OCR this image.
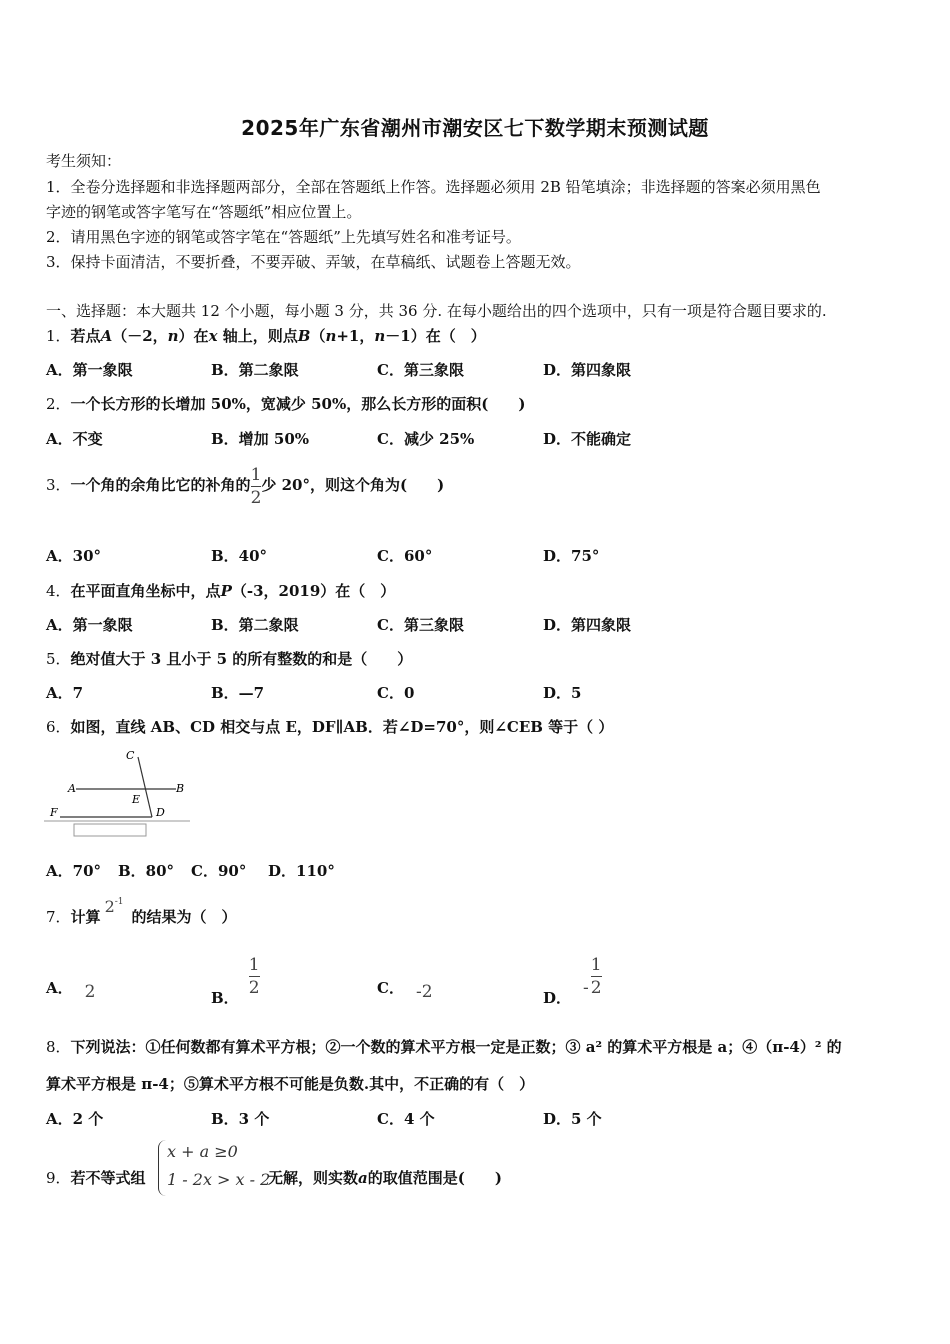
2025年广东省潮州市潮安区七下数学期末预测试题
考生须知：
1．全卷分选择题和非选择题两部分，全部在答题纸上作答。选择题必须用 2B 铅笔填涂；非选择题的答案必须用黑色
字迹的钢笔或答字笔写在“答题纸”相应位置上。
2．请用黑色字迹的钢笔或答字笔在“答题纸”上先填写姓名和准考证号。
3．保持卡面清洁，不要折叠，不要弄破、弄皱，在草稿纸、试题卷上答题无效。
一、选择题：本大题共 12 个小题，每小题 3 分，共 36 分. 在每小题给出的四个选项中，只有一项是符合题目要求的.
1．若点A（－2，n）在x 轴上，则点B（n+1，n－1）在（　）
A．第一象限	B．第二象限	C．第三象限	D．第四象限
2．一个长方形的长增加 50%，宽减少 50%，那么长方形的面积(　　)
A．不变	B．增加 50%	C．减少 25%	D．不能确定
3．一个角的余角比它的补角的 $\frac{1}{2}$ 少 20°，则这个角为(　　)
A．30°	B．40°	C．60°	D．75°
4．在平面直角坐标中，点P（-3，2019）在（　）
A．第一象限	B．第二象限	C．第三象限	D．第四象限
5．绝对值大于 3 且小于 5 的所有整数的和是（　　）
A．7	B．—7	C．0	D．5
6．如图，直线 AB、CD 相交与点 E，DF∥AB．若∠D=70°，则∠CEB 等于（ ）
C
A	B
E
F	D
A．70° B．80° C．90° D．110°
7．计算$2^{-1}$的结果为（　）
A． 2	B． $\frac{1}{2}$	C． -2	D． - $\frac{1}{2}$
8．下列说法：①任何数都有算术平方根；②一个数的算术平方根一定是正数；③ a² 的算术平方根是 a；④（π-4）² 的
算术平方根是 π-4；⑤算术平方根不可能是负数.其中，不正确的有（　）
A．2 个	B．3 个	C．4 个	D．5 个
9．若不等式组
x + a ≥0
1 - 2x > x - 2
无解，则实数a的取值范围是(　　)
